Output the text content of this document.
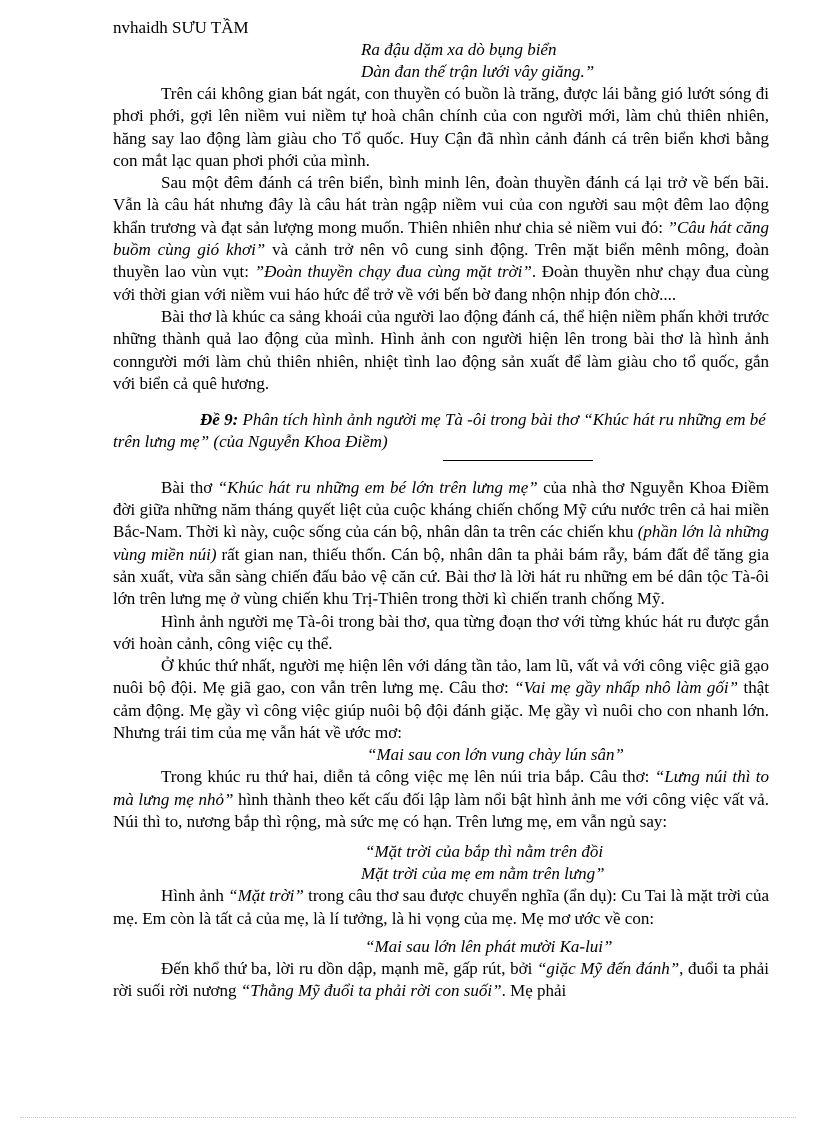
nvhaidh SƯU TẦM
Ra đậu dặm xa dò bụng biển
Dàn đan thế trận lưới vây giăng.”

Trên cái không gian bát ngát, con thuyền có buồn là trăng, được lái bằng gió lướt sóng đi phơi phới, gợi lên niềm vui niềm tự hoà chân chính của con người mới, làm chủ thiên nhiên, hăng say lao động làm giàu cho Tổ quốc. Huy Cận đã nhìn cảnh đánh cá trên biển khơi bằng con mắt lạc quan phơi phới của mình.

Sau một đêm đánh cá trên biển, bình minh lên, đoàn thuyền đánh cá lại trở về bến bãi. Vẫn là câu hát nhưng đây là câu hát tràn ngập niềm vui của con người sau một đêm lao động khẩn trương và đạt sản lượng mong muốn. Thiên nhiên như chia sẻ niềm vui đó: ”Câu hát căng buồm cùng gió khơi” và cảnh trở nên vô cung sinh động. Trên mặt biển mênh mông, đoàn thuyền lao vùn vụt: ”Đoàn thuyền chạy đua cùng mặt trời”. Đoàn thuyền như chạy đua cùng với thời gian với niềm vui háo hức để trở về với bến bờ đang nhộn nhịp đón chờ....

Bài thơ là khúc ca sảng khoái của người lao động đánh cá, thể hiện niềm phấn khởi trước những thành quả lao động của mình. Hình ảnh con người hiện lên trong bài thơ là hình ảnh conngười mới làm chủ thiên nhiên, nhiệt tình lao động sản xuất để làm giàu cho tổ quốc, gắn với biển cả quê hương.

Đề 9: Phân tích hình ảnh người mẹ Tà -ôi trong bài thơ “Khúc hát ru những em bé trên lưng mẹ” (của Nguyễn Khoa Điềm)

Bài thơ “Khúc hát ru những em bé lớn trên lưng mẹ” của nhà thơ Nguyễn Khoa Điềm đời giữa những năm tháng quyết liệt của cuộc kháng chiến chống Mỹ cứu nước trên cả hai miền Bắc-Nam. Thời kì này, cuộc sống của cán bộ, nhân dân ta trên các chiến khu (phần lớn là những vùng miền núi) rất gian nan, thiếu thốn. Cán bộ, nhân dân ta phải bám rẫy, bám đất để tăng gia sản xuất, vừa sẵn sàng chiến đấu bảo vệ căn cứ. Bài thơ là lời hát ru những em bé dân tộc Tà-ôi lớn trên lưng mẹ ở vùng chiến khu Trị-Thiên trong thời kì chiến tranh chống Mỹ.

Hình ảnh người mẹ Tà-ôi trong bài thơ, qua từng đoạn thơ với từng khúc hát ru được gắn với hoàn cảnh, công việc cụ thể.

Ở khúc thứ nhất, người mẹ hiện lên với dáng tần tảo, lam lũ, vất vả với công việc giã gạo nuôi bộ đội. Mẹ giã gao, con vẫn trên lưng mẹ. Câu thơ: “Vai mẹ gầy nhấp nhô làm gối” thật cảm động. Mẹ gầy vì công việc giúp nuôi bộ đội đánh giặc. Mẹ gầy vì nuôi cho con nhanh lớn. Nhưng trái tim của mẹ vẫn hát về ước mơ:

“Mai sau con lớn vung chày lún sân”

Trong khúc ru thứ hai, diễn tả công việc mẹ lên núi tria bắp. Câu thơ: “Lưng núi thì to mà lưng mẹ nhỏ” hình thành theo kết cấu đối lập làm nổi bật hình ảnh me với công việc vất vả. Núi thì to, nương bắp thì rộng, mà sức mẹ có hạn. Trên lưng mẹ, em vẫn ngủ say:

“Mặt trời của bắp thì nằm trên đồi
Mặt trời của mẹ em nằm trên lưng”

Hình ảnh “Mặt trời” trong câu thơ sau được chuyển nghĩa (ẩn dụ): Cu Tai là mặt trời của mẹ. Em còn là tất cả của mẹ, là lí tưởng, là hi vọng của mẹ. Mẹ mơ ước về con:

“Mai sau lớn lên phát mười Ka-lui”

Đến khổ thứ ba, lời ru dồn dập, mạnh mẽ, gấp rút, bởi “giặc Mỹ đến đánh”, đuổi ta phải rời suối rời nương “Thằng Mỹ đuổi ta phải rời con suối”. Mẹ phải
